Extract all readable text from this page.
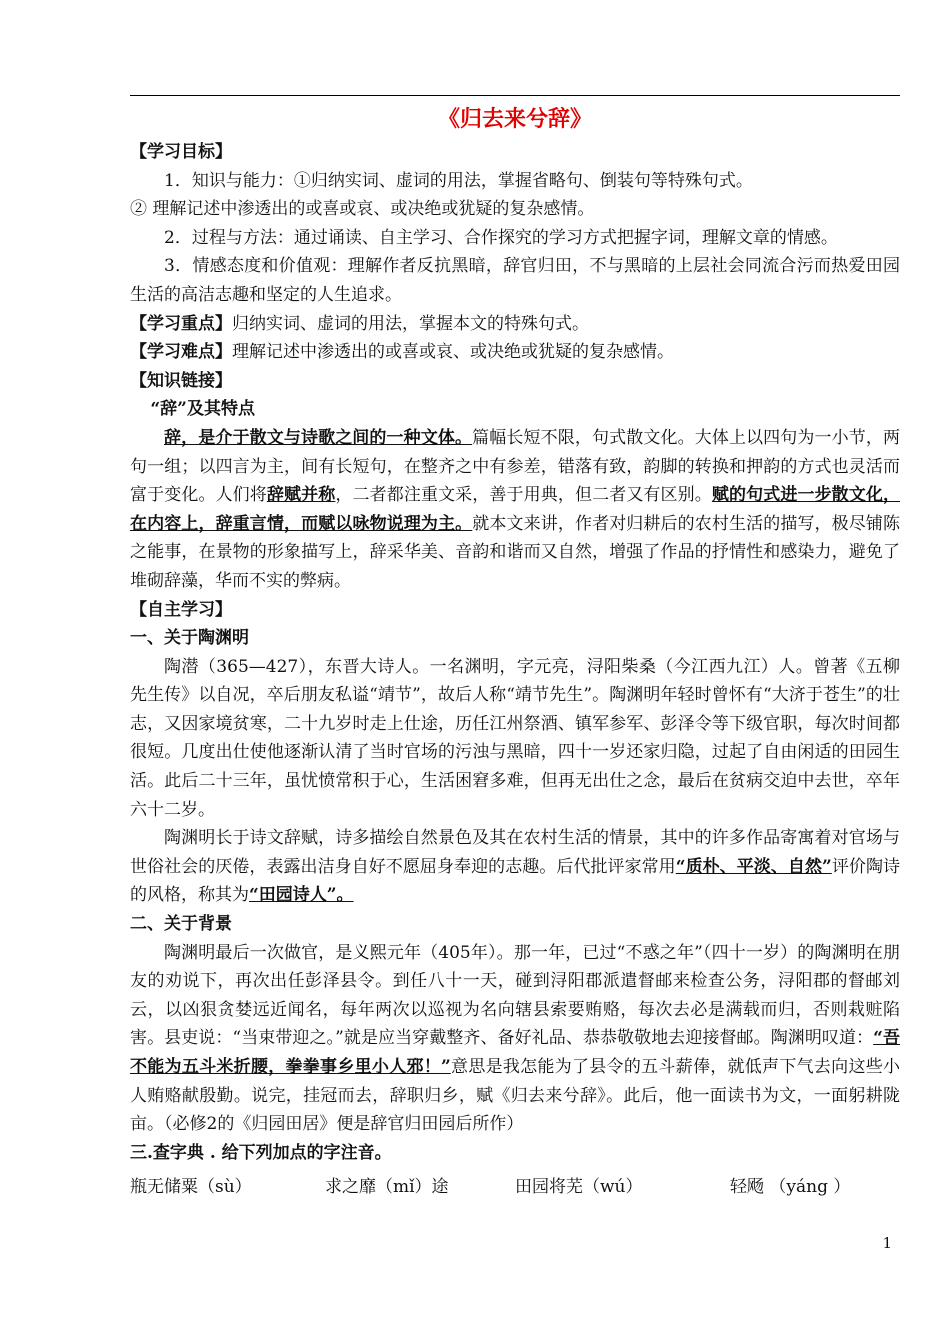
《归去来兮辞》

【学习目标】

1．知识与能力：①归纳实词、虚词的用法，掌握省略句、倒装句等特殊句式。

② 理解记述中渗透出的或喜或哀、或决绝或犹疑的复杂感情。

2．过程与方法：通过诵读、自主学习、合作探究的学习方式把握字词，理解文章的情感。

3．情感态度和价值观：理解作者反抗黑暗，辞官归田，不与黑暗的上层社会同流合污而热爱田园生活的高洁志趣和坚定的人生追求。

【学习重点】归纳实词、虚词的用法，掌握本文的特殊句式。

【学习难点】理解记述中渗透出的或喜或哀、或决绝或犹疑的复杂感情。

【知识链接】

“辞”及其特点

辞，是介于散文与诗歌之间的一种文体。篇幅长短不限，句式散文化。大体上以四句为一小节，两句一组；以四言为主，间有长短句，在整齐之中有参差，错落有致，韵脚的转换和押韵的方式也灵活而富于变化。人们将辞赋并称，二者都注重文采，善于用典，但二者又有区别。赋的句式进一步散文化，在内容上，辞重言情，而赋以咏物说理为主。就本文来讲，作者对归耕后的农村生活的描写，极尽铺陈之能事，在景物的形象描写上，辞采华美、音韵和谐而又自然，增强了作品的抒情性和感染力，避免了堆砌辞藻，华而不实的弊病。

【自主学习】

一、关于陶渊明

陶潜（365—427），东晋大诗人。一名渊明，字元亮，浔阳柴桑（今江西九江）人。曾著《五柳先生传》以自况，卒后朋友私谥“靖节”，故后人称“靖节先生”。陶渊明年轻时曾怀有“大济于苍生”的壮志，又因家境贫寒，二十九岁时走上仕途，历任江州祭酒、镇军参军、彭泽令等下级官职，每次时间都很短。几度出仕使他逐渐认清了当时官场的污浊与黑暗，四十一岁还家归隐，过起了自由闲适的田园生活。此后二十三年，虽忧愤常积于心，生活困窘多难，但再无出仕之念，最后在贫病交迫中去世，卒年六十二岁。

陶渊明长于诗文辞赋，诗多描绘自然景色及其在农村生活的情景，其中的许多作品寄寓着对官场与世俗社会的厌倦，表露出洁身自好不愿屈身奉迎的志趣。后代批评家常用“质朴、平淡、自然”评价陶诗的风格，称其为“田园诗人”。

二、关于背景

陶渊明最后一次做官，是义熙元年（405年）。那一年，已过“不惑之年”（四十一岁）的陶渊明在朋友的劝说下，再次出任彭泽县令。到任八十一天，碰到浔阳郡派遣督邮来检查公务，浔阳郡的督邮刘云，以凶狠贪婪远近闻名，每年两次以巡视为名向辖县索要贿赂，每次去必是满载而归，否则栽赃陷害。县吏说：“当束带迎之。”就是应当穿戴整齐、备好礼品、恭恭敬敬地去迎接督邮。陶渊明叹道：“吾不能为五斗米折腰，拳拳事乡里小人邪！”意思是我怎能为了县令的五斗薪俸，就低声下气去向这些小人贿赂献殷勤。说完，挂冠而去，辞职归乡，赋《归去来兮辞》。此后，他一面读书为文，一面躬耕陇亩。（必修2的《归园田居》便是辞官归田园后所作）

三.查字典 . 给下列加点的字注音。

瓶无储粟（sù）	求之靡（mǐ）途	田园将芜（wú）	轻飏 （yáng ）
1
